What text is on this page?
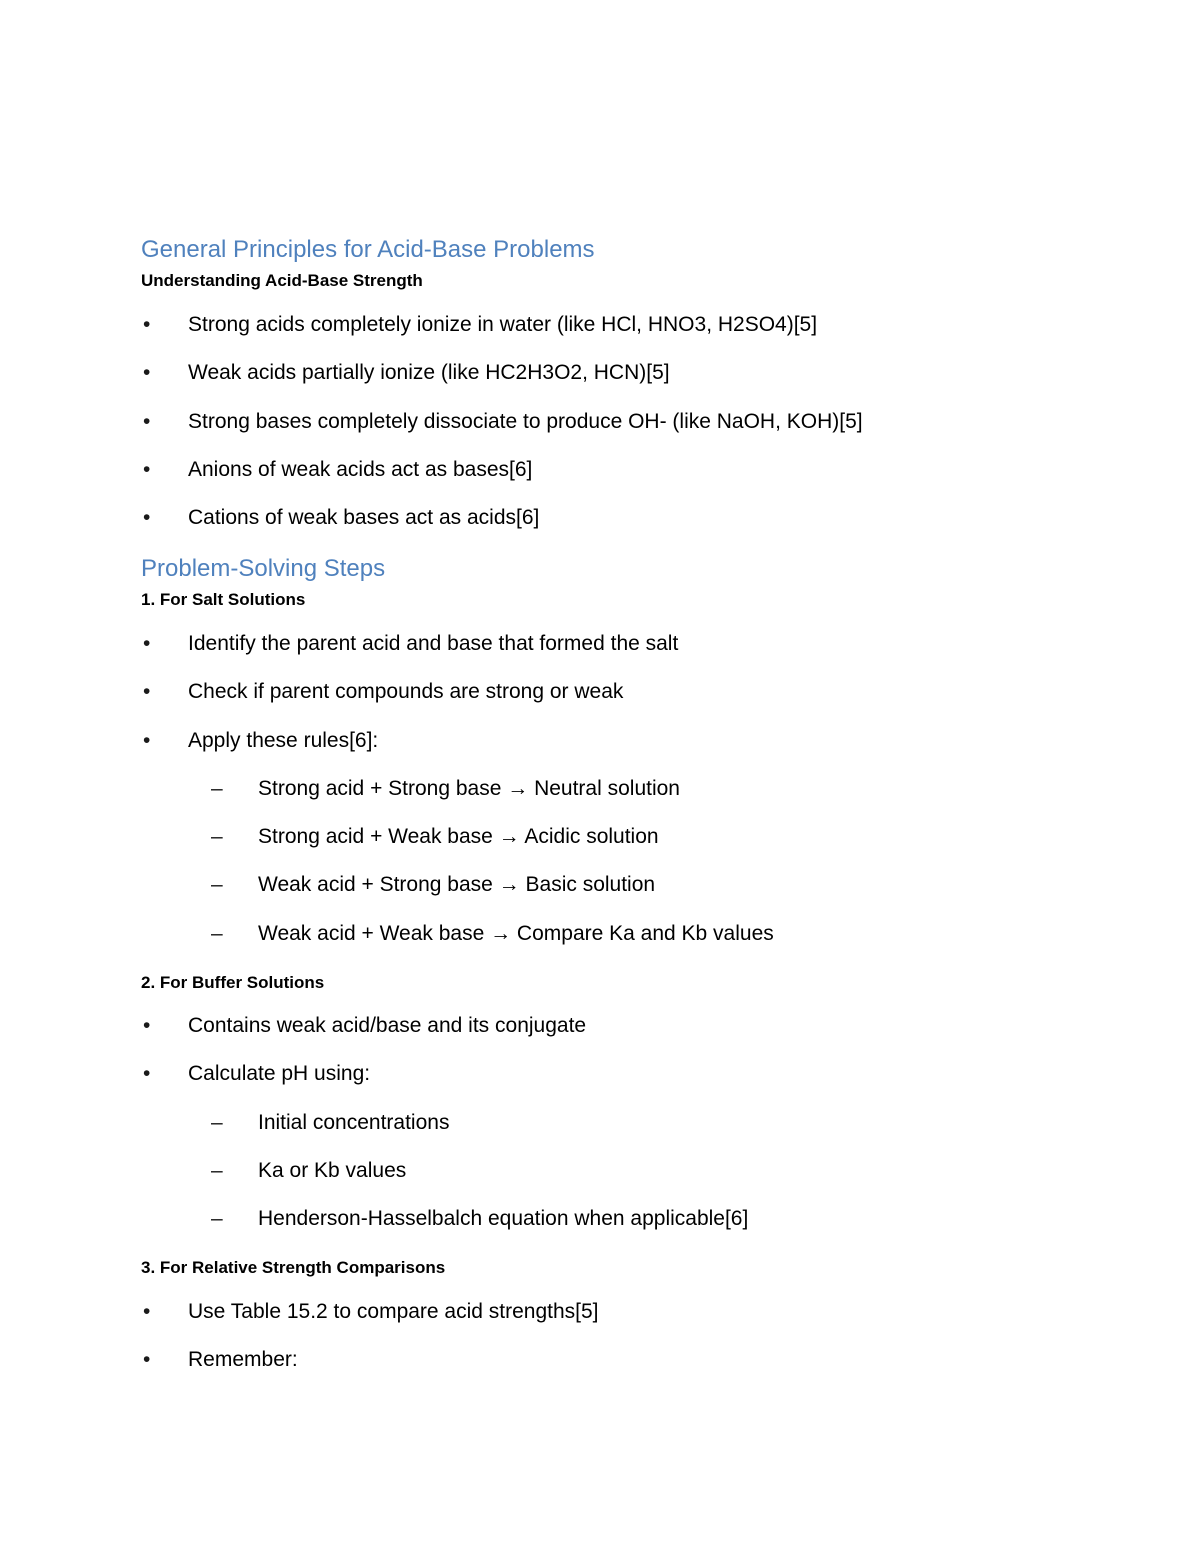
General Principles for Acid-Base Problems
Understanding Acid-Base Strength
• Strong acids completely ionize in water (like HCl, HNO3, H2SO4)[5]
• Weak acids partially ionize (like HC2H3O2, HCN)[5]
• Strong bases completely dissociate to produce OH- (like NaOH, KOH)[5]
• Anions of weak acids act as bases[6]
• Cations of weak bases act as acids[6]
Problem-Solving Steps
1. For Salt Solutions
• Identify the parent acid and base that formed the salt
• Check if parent compounds are strong or weak
• Apply these rules[6]:
– Strong acid + Strong base → Neutral solution
– Strong acid + Weak base → Acidic solution
– Weak acid + Strong base → Basic solution
– Weak acid + Weak base → Compare Ka and Kb values
2. For Buffer Solutions
• Contains weak acid/base and its conjugate
• Calculate pH using:
– Initial concentrations
– Ka or Kb values
– Henderson-Hasselbalch equation when applicable[6]
3. For Relative Strength Comparisons
• Use Table 15.2 to compare acid strengths[5]
• Remember:
